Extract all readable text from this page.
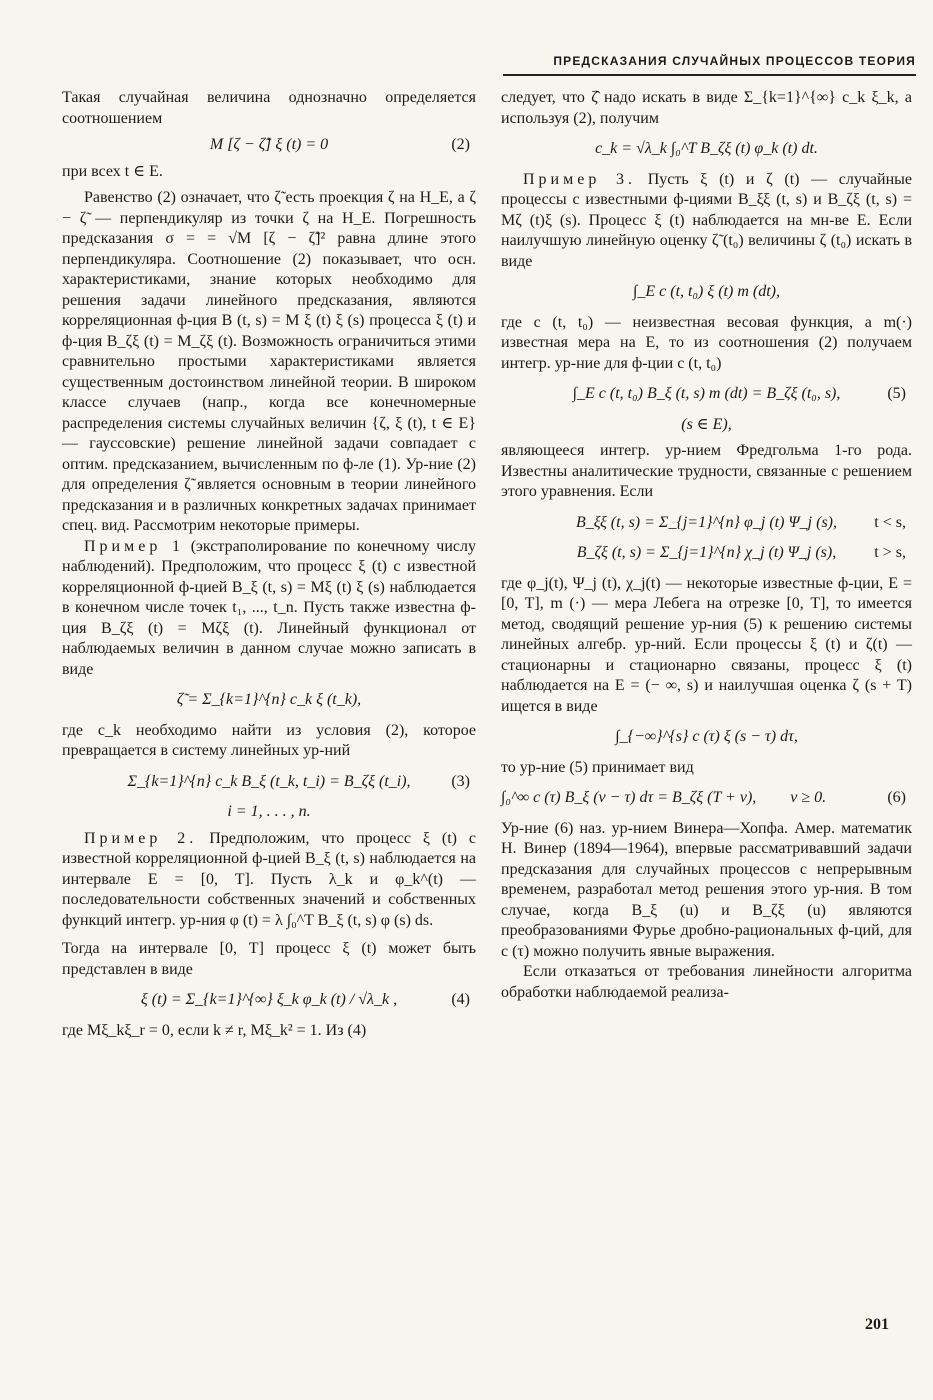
ПРЕДСКАЗАНИЯ СЛУЧАЙНЫХ ПРОЦЕССОВ ТЕОРИЯ

Такая случайная величина однозначно определяется соотношением

M [ζ − ζ̃] ξ (t) = 0	(2)

при всех t ∈ E.

Равенство (2) означает, что ζ̃ есть проекция ζ на H_E, а ζ − ζ̃ — перпендикуляр из точки ζ на H_E. Погрешность предсказания σ = = √M [ζ − ζ̃]² равна длине этого перпендикуляра. Соотношение (2) показывает, что осн. характеристиками, знание которых необходимо для решения задачи линейного предсказания, являются корреляционная ф-ция B (t, s) = M ξ (t) ξ (s) процесса ξ (t) и ф-ция B_ζξ (t) = M_ζξ (t). Возможность ограничиться этими сравнительно простыми характеристиками является существенным достоинством линейной теории. В широком классе случаев (напр., когда все конечномерные распределения системы случайных величин {ζ, ξ (t), t ∈ E} — гауссовские) решение линейной задачи совпадает с оптим. предсказанием, вычисленным по ф-ле (1). Ур-ние (2) для определения ζ̃ является основным в теории линейного предсказания и в различных конкретных задачах принимает спец. вид. Рассмотрим некоторые примеры.

Пример 1 (экстраполирование по конечному числу наблюдений). Предположим, что процесс ξ (t) с известной корреляционной ф-цией B_ξ (t, s) = Mξ (t) ξ (s) наблюдается в конечном числе точек t₁, ..., t_n. Пусть также известна ф-ция B_ζξ (t) = Mζξ (t). Линейный функционал от наблюдаемых величин в данном случае можно записать в виде

ζ̃ = Σ_{k=1}^{n} c_k ξ (t_k),

где c_k необходимо найти из условия (2), которое превращается в систему линейных ур-ний

Σ_{k=1}^{n} c_k B_ξ (t_k, t_i) = B_ζξ (t_i),	(3)
i = 1, . . . , n.

Пример 2. Предположим, что процесс ξ (t) с известной корреляционной ф-цией B_ξ (t, s) наблюдается на интервале E = [0, T]. Пусть λ_k и φ_k^(t) — последовательности собственных значений и собственных функций интегр. ур-ния φ (t) = λ ∫₀^T B_ξ (t, s) φ (s) ds.

Тогда на интервале [0, T] процесс ξ (t) может быть представлен в виде

ξ (t) = Σ_{k=1}^{∞} ξ_k φ_k (t) / √λ_k ,	(4)

где Mξ_kξ_r = 0, если k ≠ r, Mξ_k² = 1. Из (4)

следует, что ζ̂ надо искать в виде Σ_{k=1}^{∞} c_k ξ_k, а используя (2), получим

c_k = √λ_k ∫₀^T B_ζξ (t) φ_k (t) dt.

Пример 3. Пусть ξ (t) и ζ (t) — случайные процессы с известными ф-циями B_ξξ (t, s) и B_ζξ (t, s) = Mζ (t)ξ (s). Процесс ξ (t) наблюдается на мн-ве E. Если наилучшую линейную оценку ζ̃ (t₀) величины ζ (t₀) искать в виде

∫_E c (t, t₀) ξ (t) m (dt),

где c (t, t₀) — неизвестная весовая функция, а m(·) известная мера на E, то из соотношения (2) получаем интегр. ур-ние для ф-ции c (t, t₀)

∫_E c (t, t₀) B_ξ (t, s) m (dt) = B_ζξ (t₀, s),	(5)
(s ∈ E),

являющееся интегр. ур-нием Фредгольма 1-го рода. Известны аналитические трудности, связанные с решением этого уравнения. Если

B_ξξ (t, s) = Σ_{j=1}^{n} φ_j (t) Ψ_j (s), t < s,
B_ζξ (t, s) = Σ_{j=1}^{n} χ_j (t) Ψ_j (s), t > s,

где φ_j(t), Ψ_j (t), χ_j(t) — некоторые известные ф-ции, E = [0, T], m (·) — мера Лебега на отрезке [0, T], то имеется метод, сводящий решение ур-ния (5) к решению системы линейных алгебр. ур-ний. Если процессы ξ (t) и ζ(t) — стационарны и стационарно связаны, процесс ξ (t) наблюдается на E = (− ∞, s) и наилучшая оценка ζ (s + T) ищется в виде

∫_{−∞}^{s} c (τ) ξ (s − τ) dτ,

то ур-ние (5) принимает вид

∫₀^∞ c (τ) B_ξ (v − τ) dτ = B_ζξ (T + v), v ≥ 0.	(6)

Ур-ние (6) наз. ур-нием Винера—Хопфа. Амер. математик Н. Винер (1894—1964), впервые рассматривавший задачи предсказания для случайных процессов с непрерывным временем, разработал метод решения этого ур-ния. В том случае, когда B_ξ (u) и B_ζξ (u) являются преобразованиями Фурье дробно-рациональных ф-ций, для c (τ) можно получить явные выражения.

Если отказаться от требования линейности алгоритма обработки наблюдаемой реализа-

201
